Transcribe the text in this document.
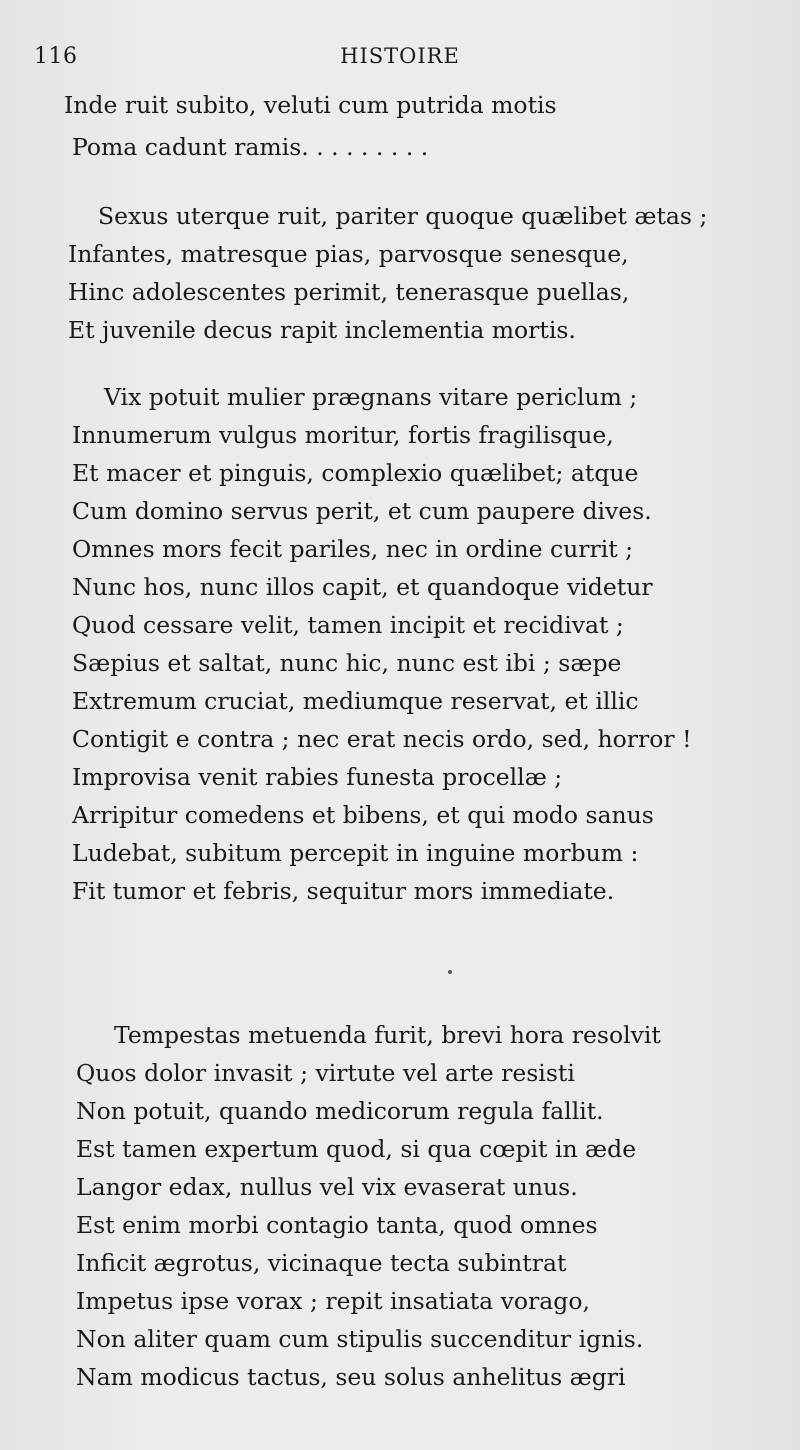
116	HISTOIRE
Inde ruit subito, veluti cum putrida motis
Poma cadunt ramis. . . . . . . . .
Sexus uterque ruit, pariter quoque quælibet ætas ;
Infantes, matresque pias, parvosque senesque,
Hinc adolescentes perimit, tenerasque puellas,
Et juvenile decus rapit inclementia mortis.
Vix potuit mulier prægnans vitare periclum ;
Innumerum vulgus moritur, fortis fragilisque,
Et macer et pinguis, complexio quælibet; atque
Cum domino servus perit, et cum paupere dives.
Omnes mors fecit pariles, nec in ordine currit ;
Nunc hos, nunc illos capit, et quandoque videtur
Quod cessare velit, tamen incipit et recidivat ;
Sæpius et saltat, nunc hic, nunc est ibi ; sæpe
Extremum cruciat, mediumque reservat, et illic
Contigit e contra ; nec erat necis ordo, sed, horror !
Improvisa venit rabies funesta procellæ ;
Arripitur comedens et bibens, et qui modo sanus
Ludebat, subitum percepit in inguine morbum :
Fit tumor et febris, sequitur mors immediate.
Tempestas metuenda furit, brevi hora resolvit
Quos dolor invasit ; virtute vel arte resisti
Non potuit, quando medicorum regula fallit.
Est tamen expertum quod, si qua cœpit in æde
Langor edax, nullus vel vix evaserat unus.
Est enim morbi contagio tanta, quod omnes
Inficit ægrotus, vicinaque tecta subintrat
Impetus ipse vorax ; repit insatiata vorago,
Non aliter quam cum stipulis succenditur ignis.
Nam modicus tactus, seu solus anhelitus ægri
